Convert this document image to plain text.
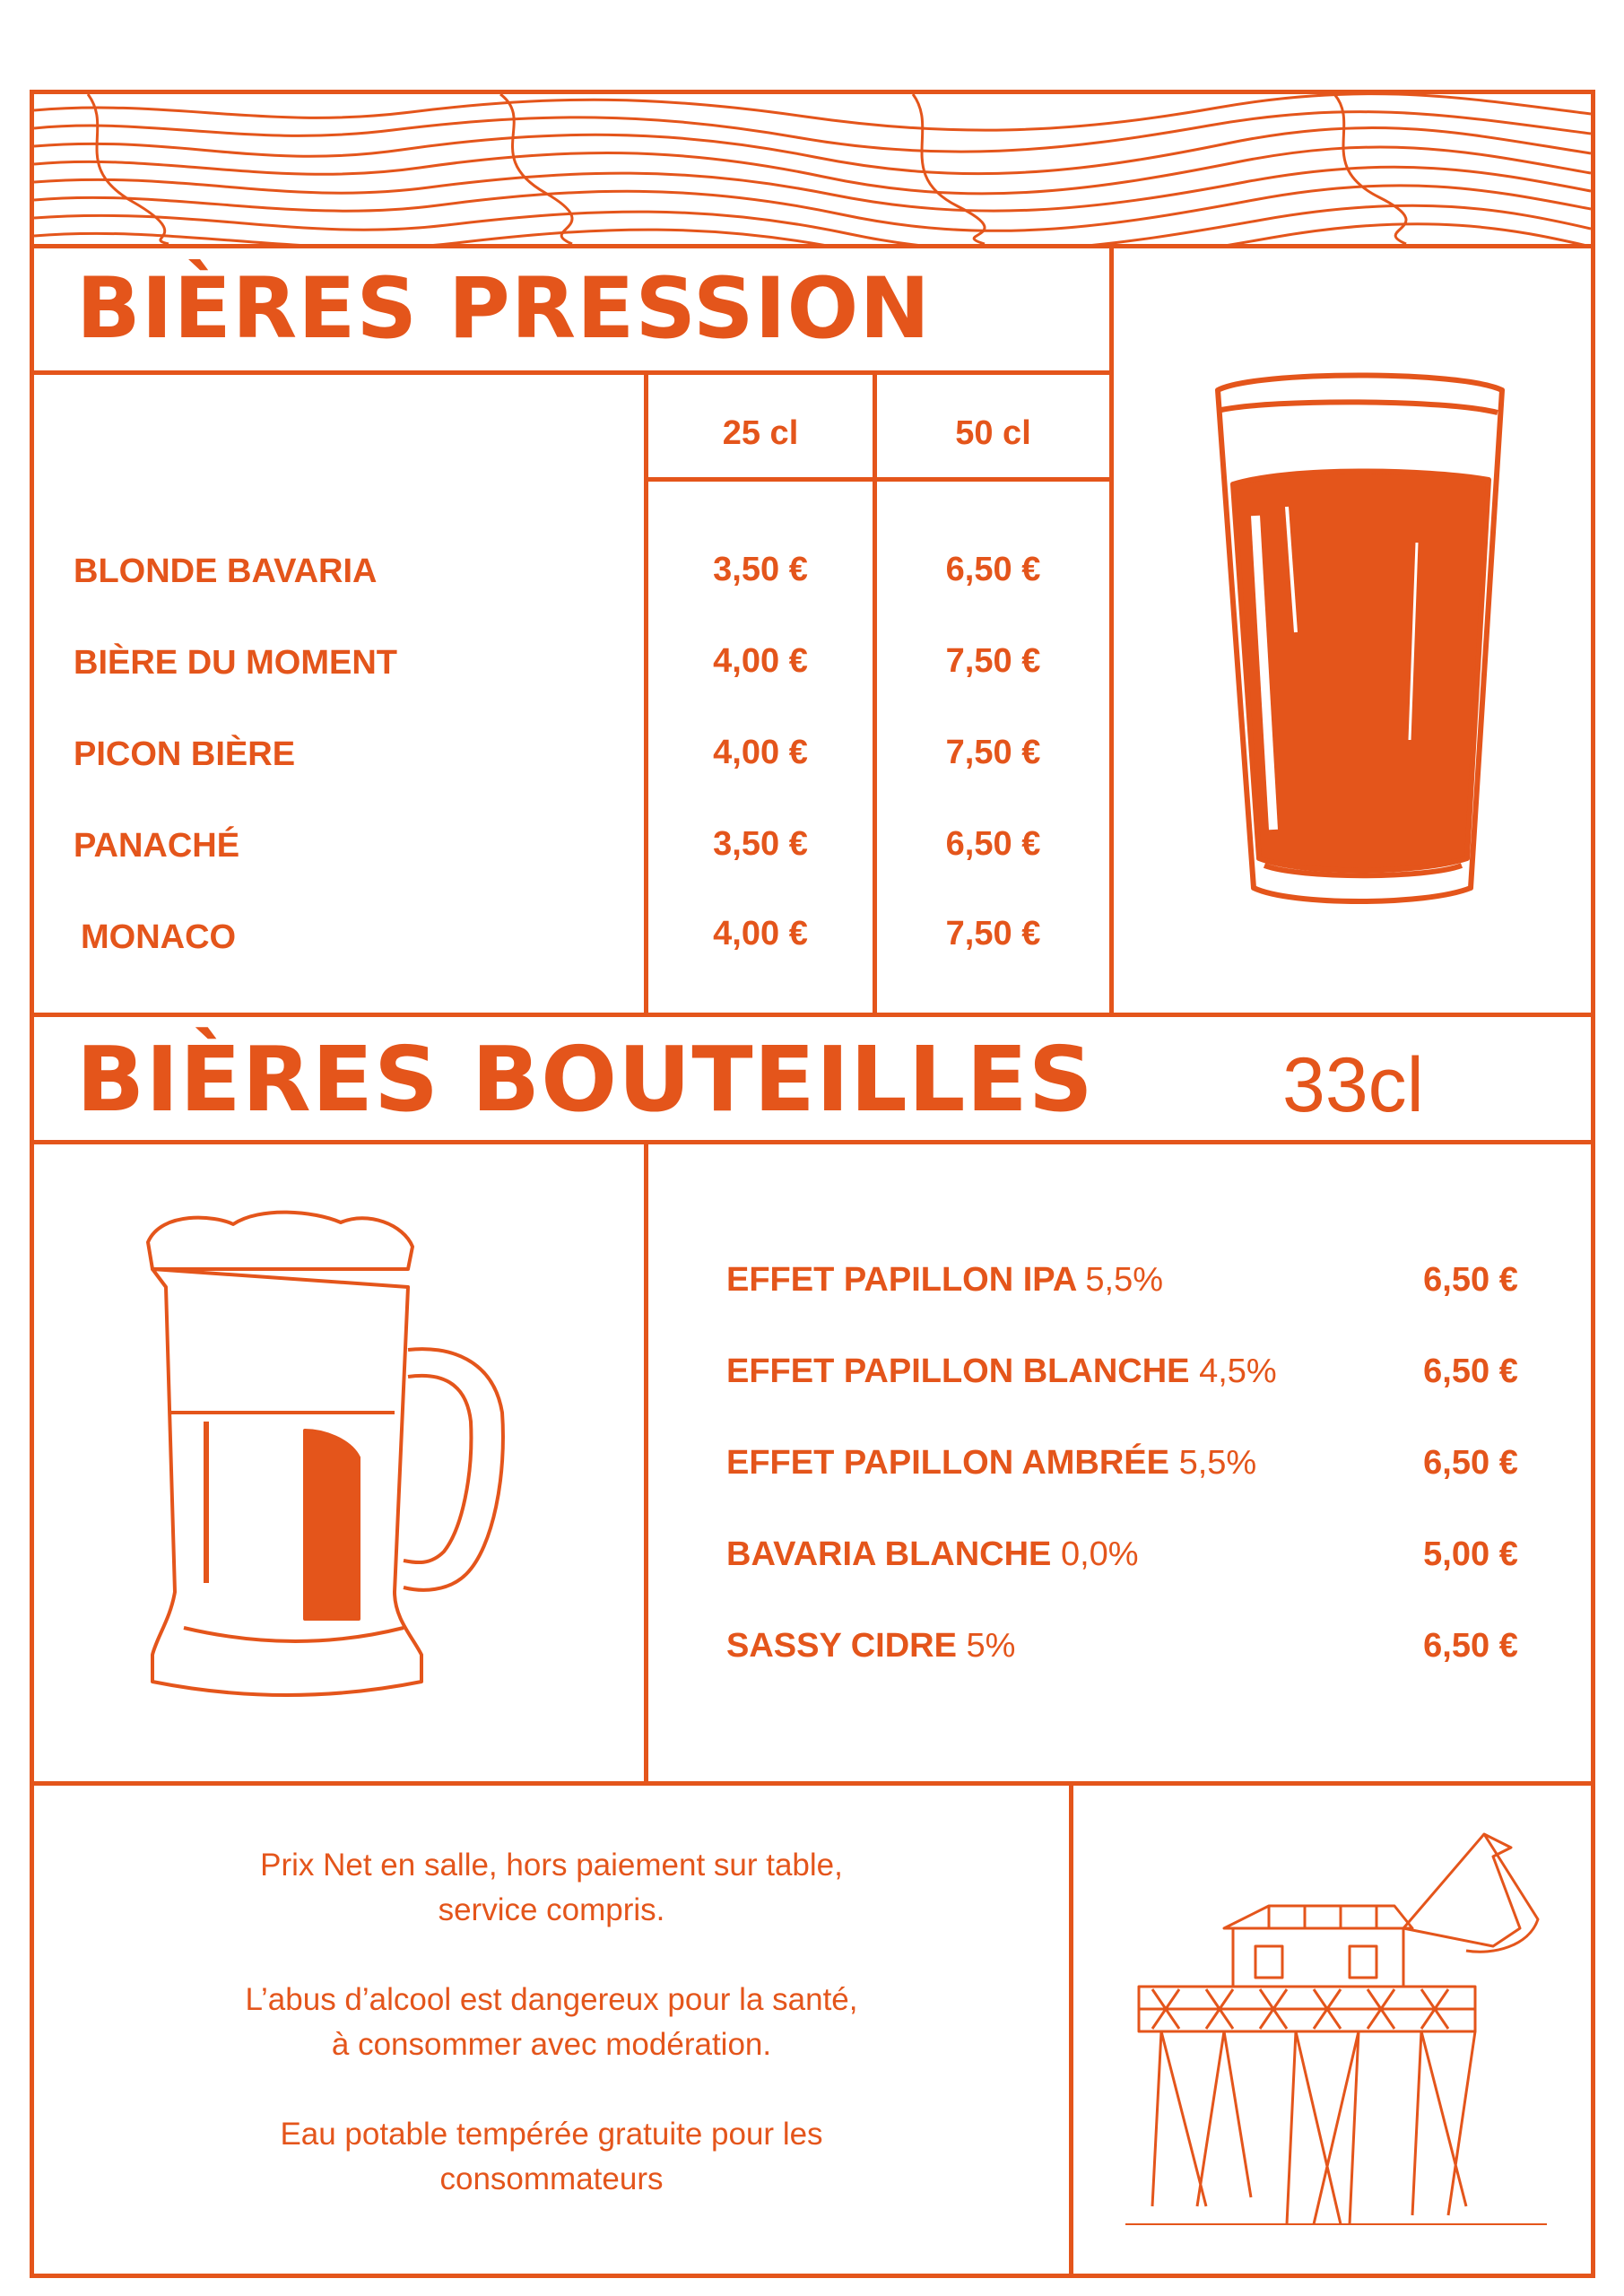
BIÈRES PRESSION
25 cl	50 cl
BLONDE BAVARIA	3,50 €	6,50 €
BIÈRE DU MOMENT	4,00 €	7,50 €
PICON BIÈRE	4,00 €	7,50 €
PANACHÉ	3,50 €	6,50 €
MONACO	4,00 €	7,50 €
BIÈRES BOUTEILLES 33cl
EFFET PAPILLON IPA 5,5%	6,50 €
EFFET PAPILLON BLANCHE 4,5%	6,50 €
EFFET PAPILLON AMBRÉE 5,5%	6,50 €
BAVARIA BLANCHE 0,0%	5,00 €
SASSY CIDRE 5%	6,50 €
Prix Net en salle, hors paiement sur table,
service compris.
L’abus d’alcool est dangereux pour la santé,
à consommer avec modération.
Eau potable tempérée gratuite pour les
consommateurs
